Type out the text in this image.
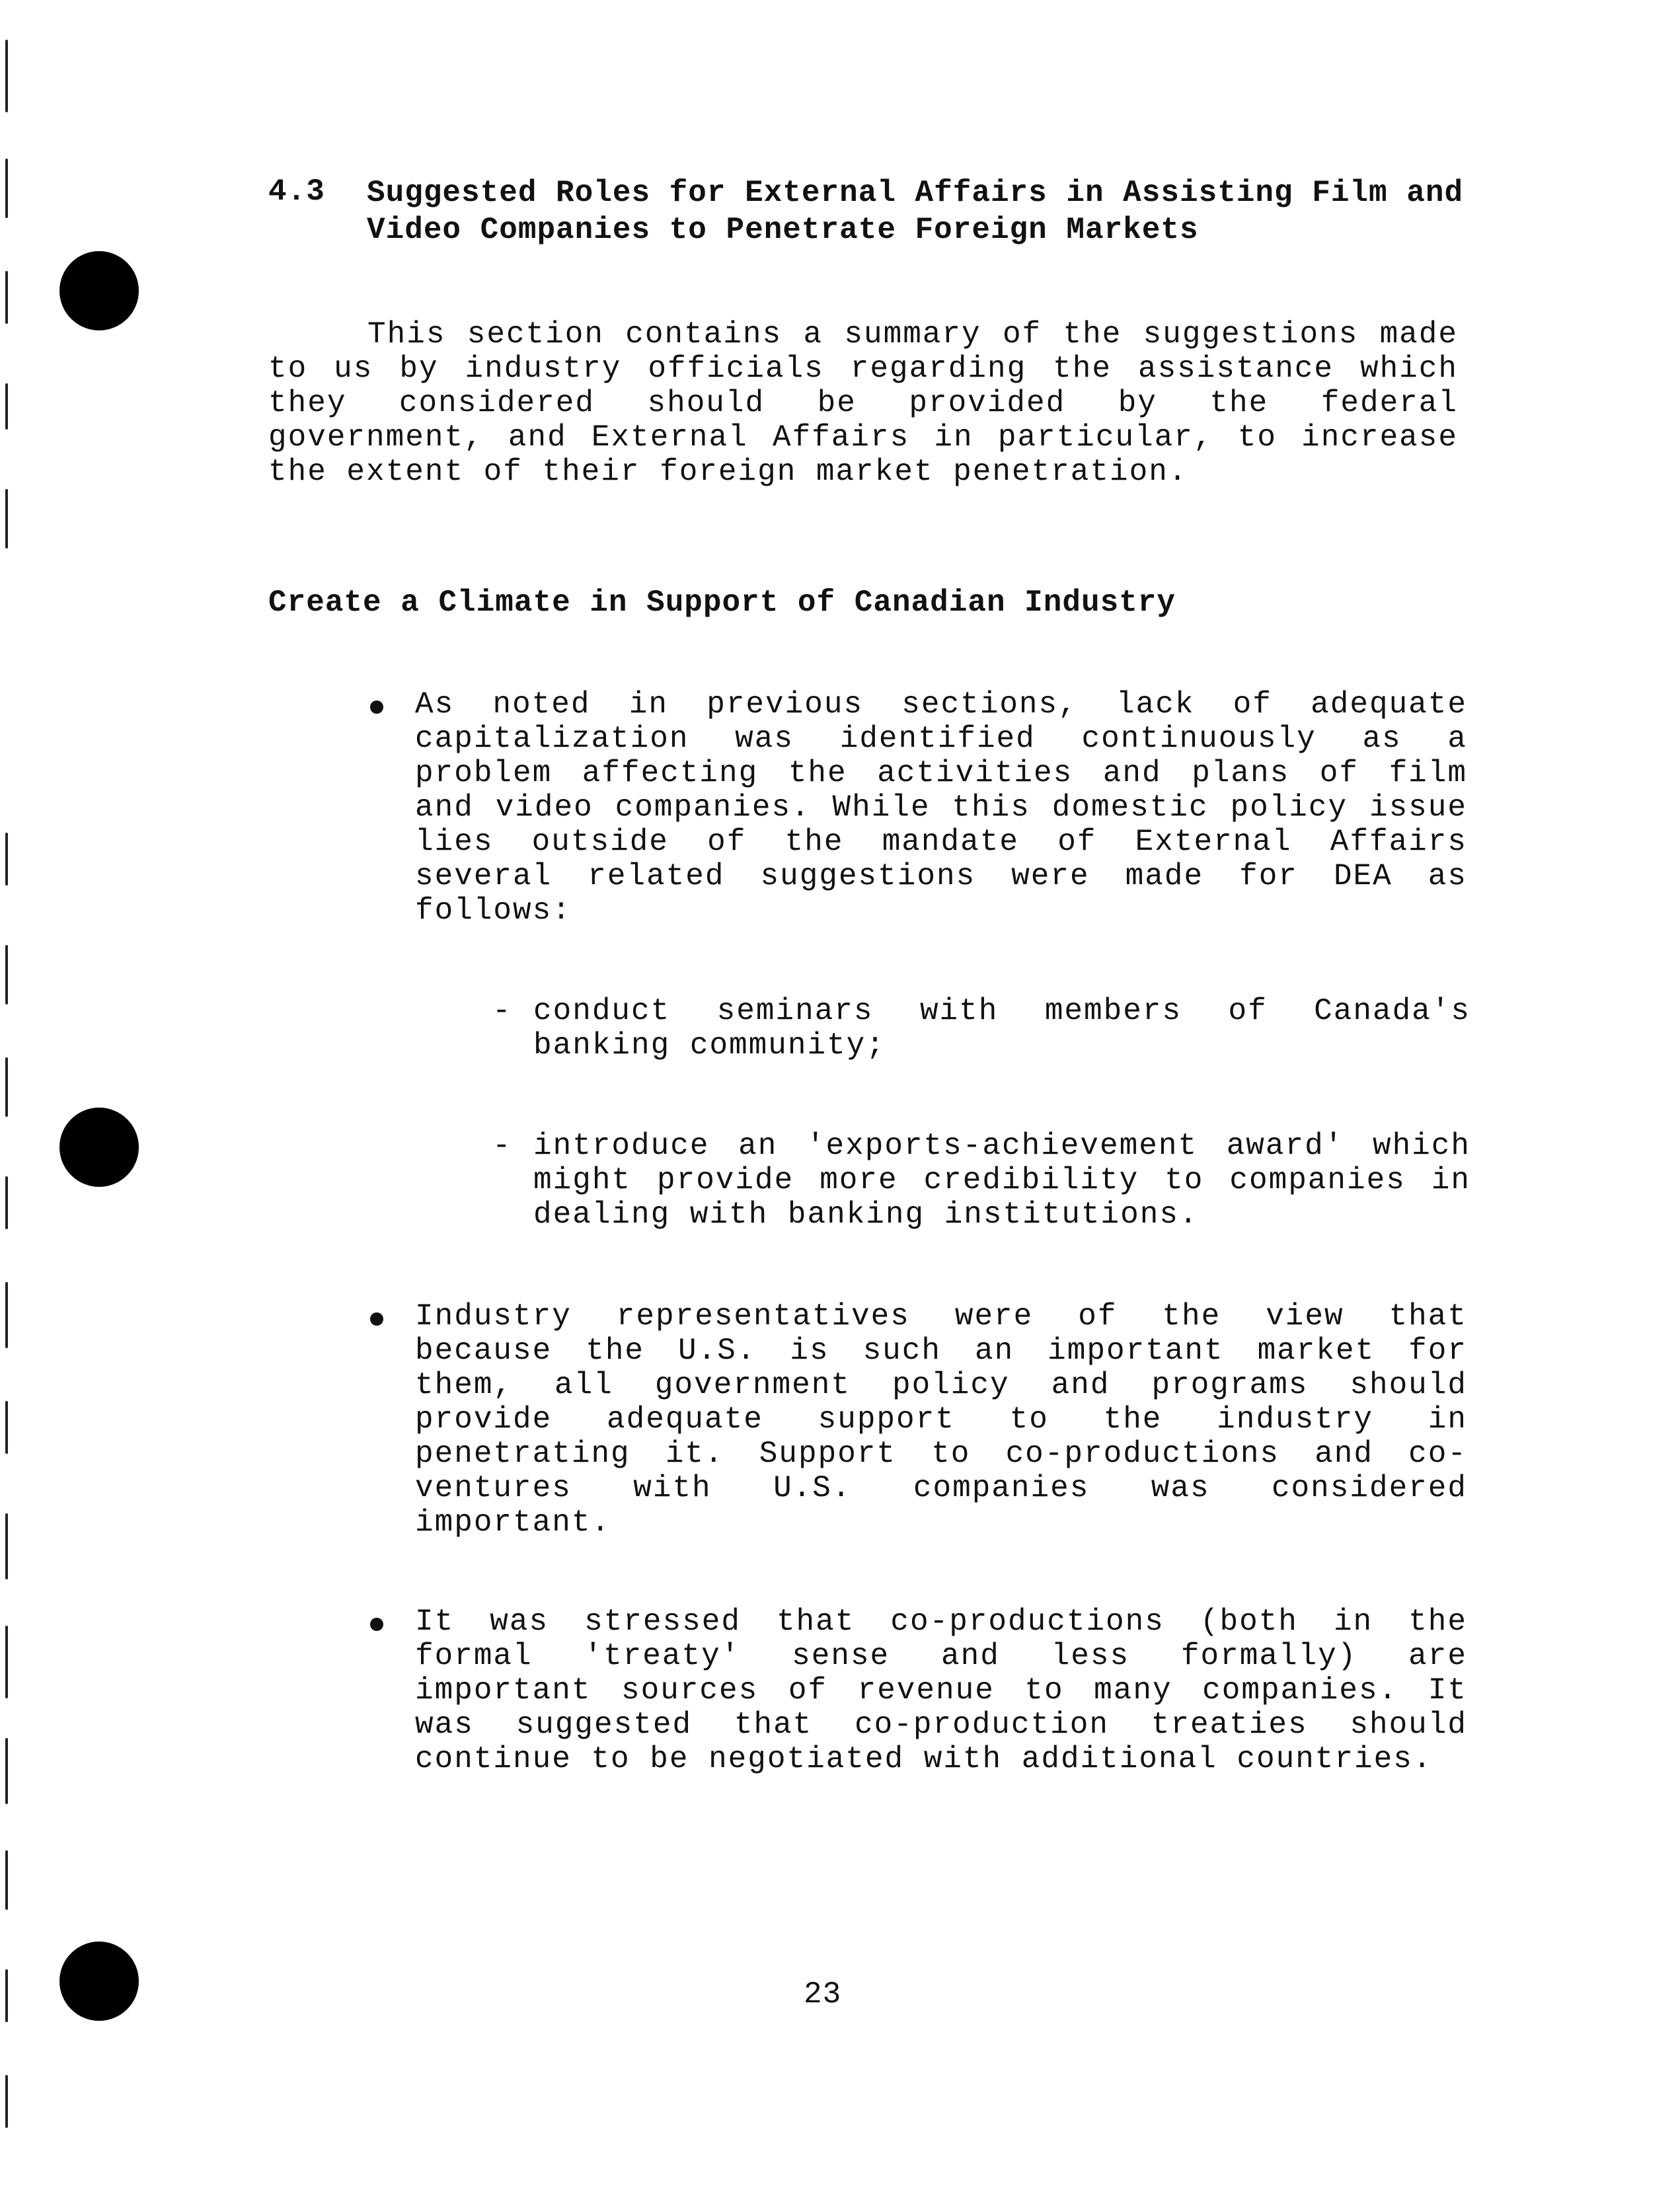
4.3 Suggested Roles for External Affairs in Assisting Film and Video Companies to Penetrate Foreign Markets
This section contains a summary of the suggestions made to us by industry officials regarding the assistance which they considered should be provided by the federal government, and External Affairs in particular, to increase the extent of their foreign market penetration.
Create a Climate in Support of Canadian Industry
As noted in previous sections, lack of adequate capitalization was identified continuously as a problem affecting the activities and plans of film and video companies. While this domestic policy issue lies outside of the mandate of External Affairs several related suggestions were made for DEA as follows:
- conduct seminars with members of Canada's banking community;
- introduce an 'exports-achievement award' which might provide more credibility to companies in dealing with banking institutions.
Industry representatives were of the view that because the U.S. is such an important market for them, all government policy and programs should provide adequate support to the industry in penetrating it. Support to co-productions and co-ventures with U.S. companies was considered important.
It was stressed that co-productions (both in the formal 'treaty' sense and less formally) are important sources of revenue to many companies. It was suggested that co-production treaties should continue to be negotiated with additional countries.
23
